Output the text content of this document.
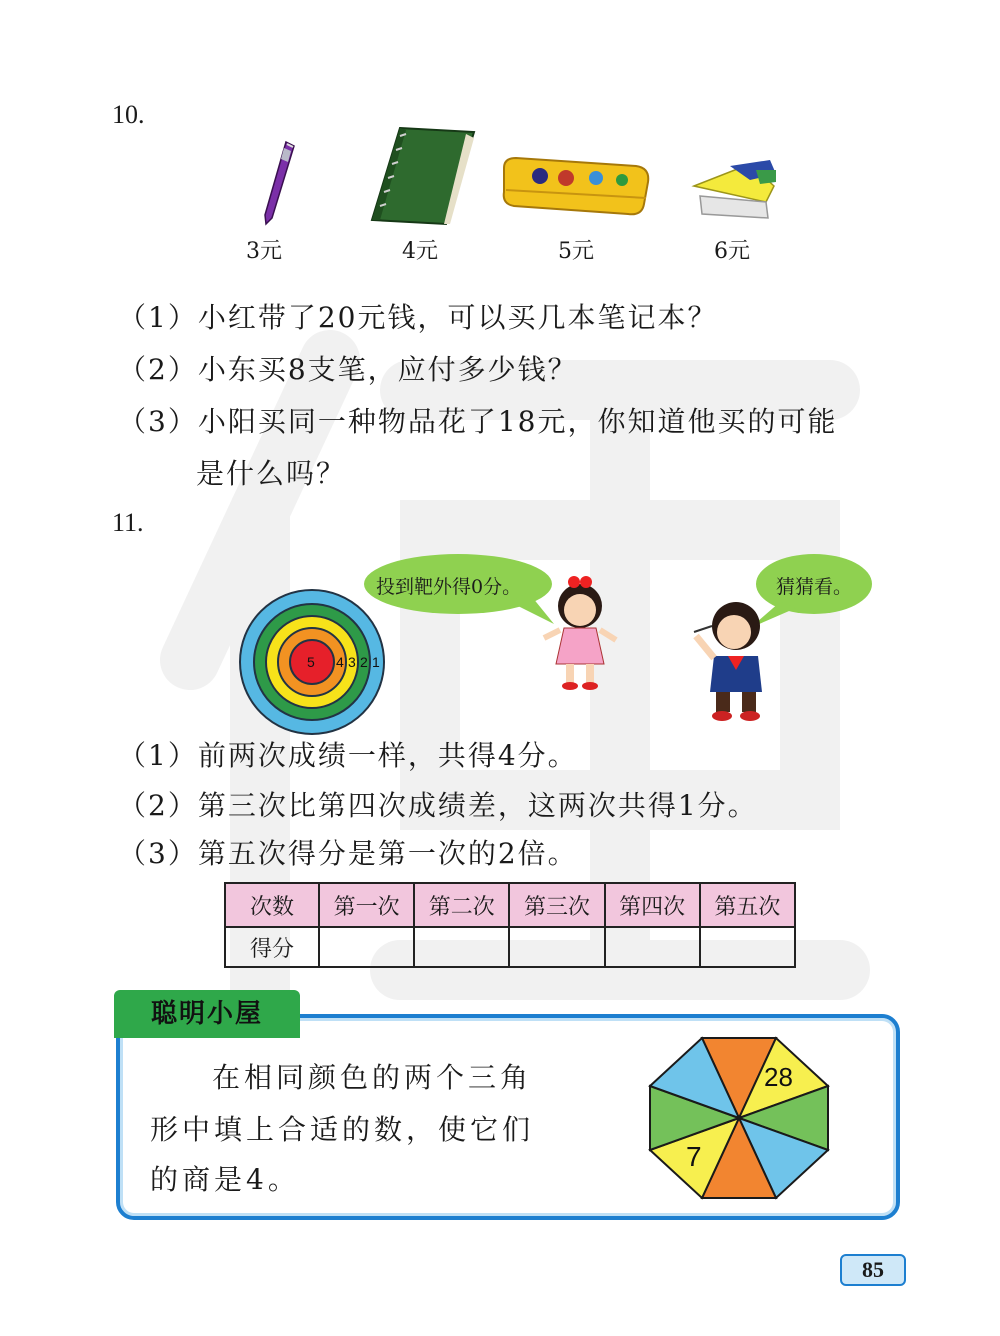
10.
3元	4元	5元	6元
（1）小红带了20元钱，可以买几本笔记本？
（2）小东买8支笔，应付多少钱？
（3）小阳买同一种物品花了18元，你知道他买的可能
是什么吗？
11.
5 4 3 2 1
投到靶外得0分。	猜猜看。
（1）前两次成绩一样，共得4分。
（2）第三次比第四次成绩差，这两次共得1分。
（3）第五次得分是第一次的2倍。
次数	第一次	第二次	第三次	第四次	第五次
得分					
聪明小屋
在相同颜色的两个三角
形中填上合适的数，使它们
的商是4。
28
7
85
